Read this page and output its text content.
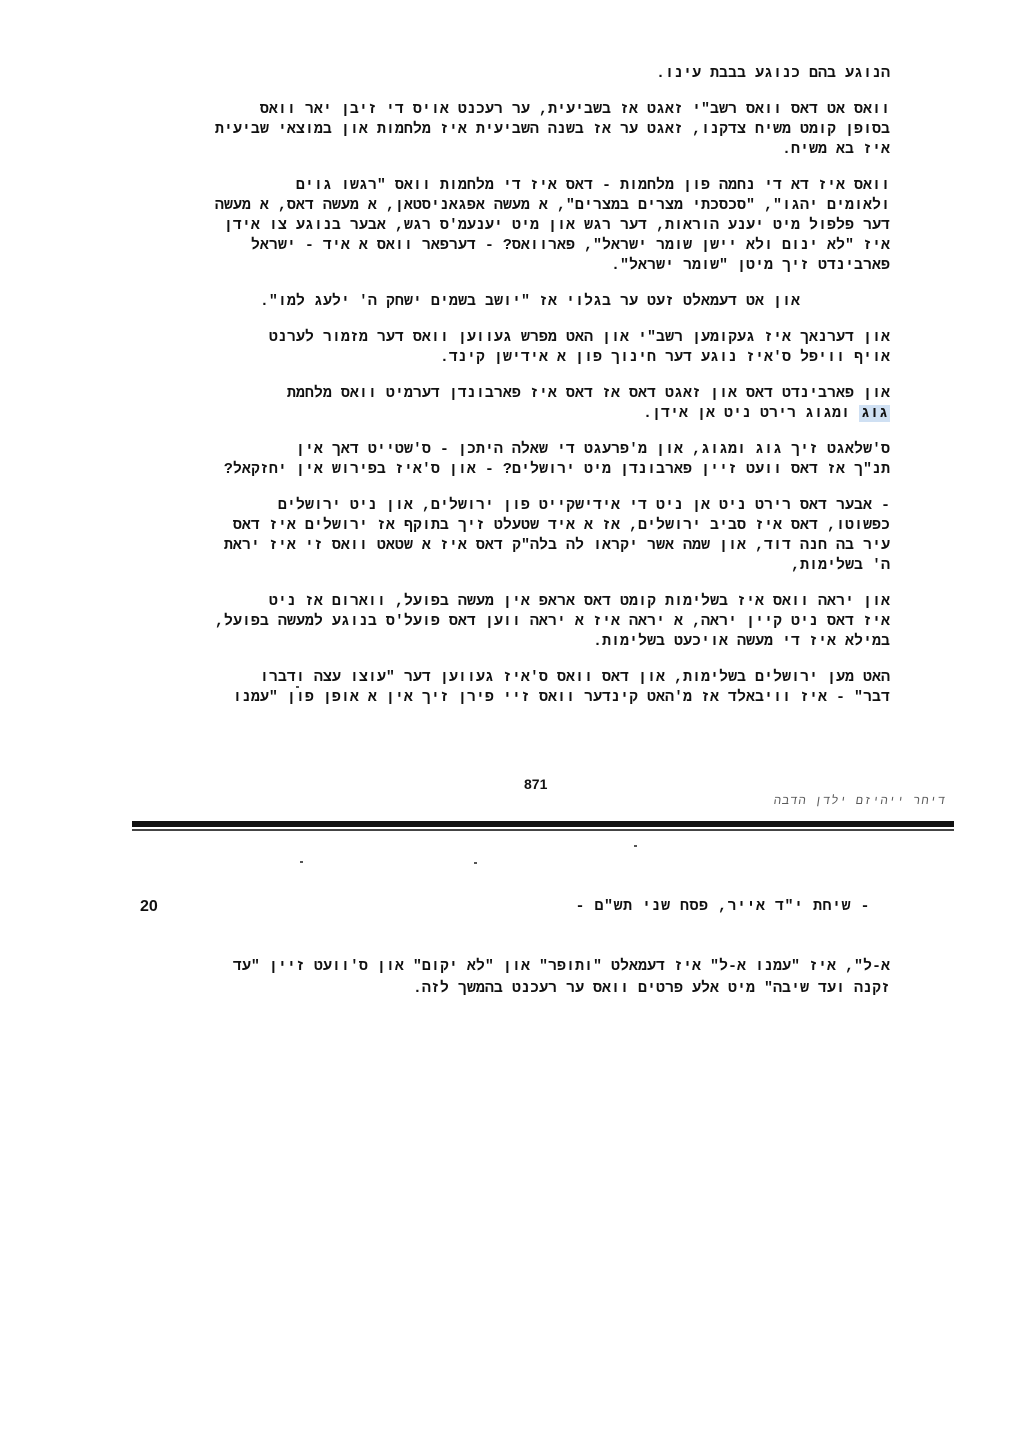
הנוגע בהם כנוגע בבבת עינו.

וואס אט דאס וואס רשב"י זאגט אז בשביעית, ער רעכנט אויס די זיבן יאר וואס
בסופן קומט משיח צדקנו, זאגט ער אז בשנה השביעית איז מלחמות און במוצאי שביעית
איז בא משיח.

וואס איז דא די נחמה פון מלחמות - דאס איז די מלחמות וואס "רגשו גוים
ולאומים יהגו", "סכסכתי מצרים במצרים", א מעשה אפגאניסטאן, א מעשה דאס, א מעשה
דער פלפול מיט יענע הוראות, דער רגש און מיט יענעמ'ס רגש, אבער בנוגע צו אידן
איז "לא ינום ולא יישן שומר ישראל", פארוואס? - דערפאר וואס א איד - ישראל
פארבינדט זיך מיטן "שומר ישראל".

און אט דעמאלט זעט ער בגלוי אז "יושב בשמים ישחק ה' ילעג למו".

און דערנאך איז געקומען רשב"י און האט מפרש געווען וואס דער מזמור לערנט
אויף וויפל ס'איז נוגע דער חינוך פון א אידישן קינד.

און פארבינדט דאס און זאגט דאס אז דאס איז פארבונדן דערמיט וואס מלחמת
גוג ומגוג רירט ניט אן אידן.

ס'שלאגט זיך גוג ומגוג, און מ'פרעגט די שאלה היתכן - ס'שטייט דאך אין
תנ"ך אז דאס וועט זיין פארבונדן מיט ירושלים? - און ס'איז בפירוש אין יחזקאל?

- אבער דאס רירט ניט אן ניט די אידישקייט פון ירושלים, און ניט ירושלים
כפשוטו, דאס איז סביב ירושלים, אז א איד שטעלט זיך בתוקף אז ירושלים איז דאס
עיר בה חנה דוד, און שמה אשר יקראו לה בלה"ק דאס איז א שטאט וואס זי איז יראת
ה' בשלימות,

און יראה וואס איז בשלימות קומט דאס אראפ אין מעשה בפועל, ווארום אז ניט
איז דאס ניט קיין יראה, א יראה איז א יראה ווען דאס פועל'ס בנוגע למעשה בפועל,
במילא איז די מעשה אויכעט בשלימות.

האט מען ירושלים בשלימות, און דאס וואס ס'איז געווען דער "עוצו עצה ודברו
דבר" - איז וויבאלד אז מ'האט קינדער וואס זיי פירן זיך אין א אופן פון "עמנו

871
דיחר ייהיזם ילדן הדבה
20	- שיחת י"ד אייר, פסח שני תש"ם -
א-ל", איז "עמנו א-ל" איז דעמאלט "ותופר" און "לא יקום" און ס'וועט זיין "עד
זקנה ועד שיבה" מיט אלע פרטים וואס ער רעכנט בהמשך לזה.
